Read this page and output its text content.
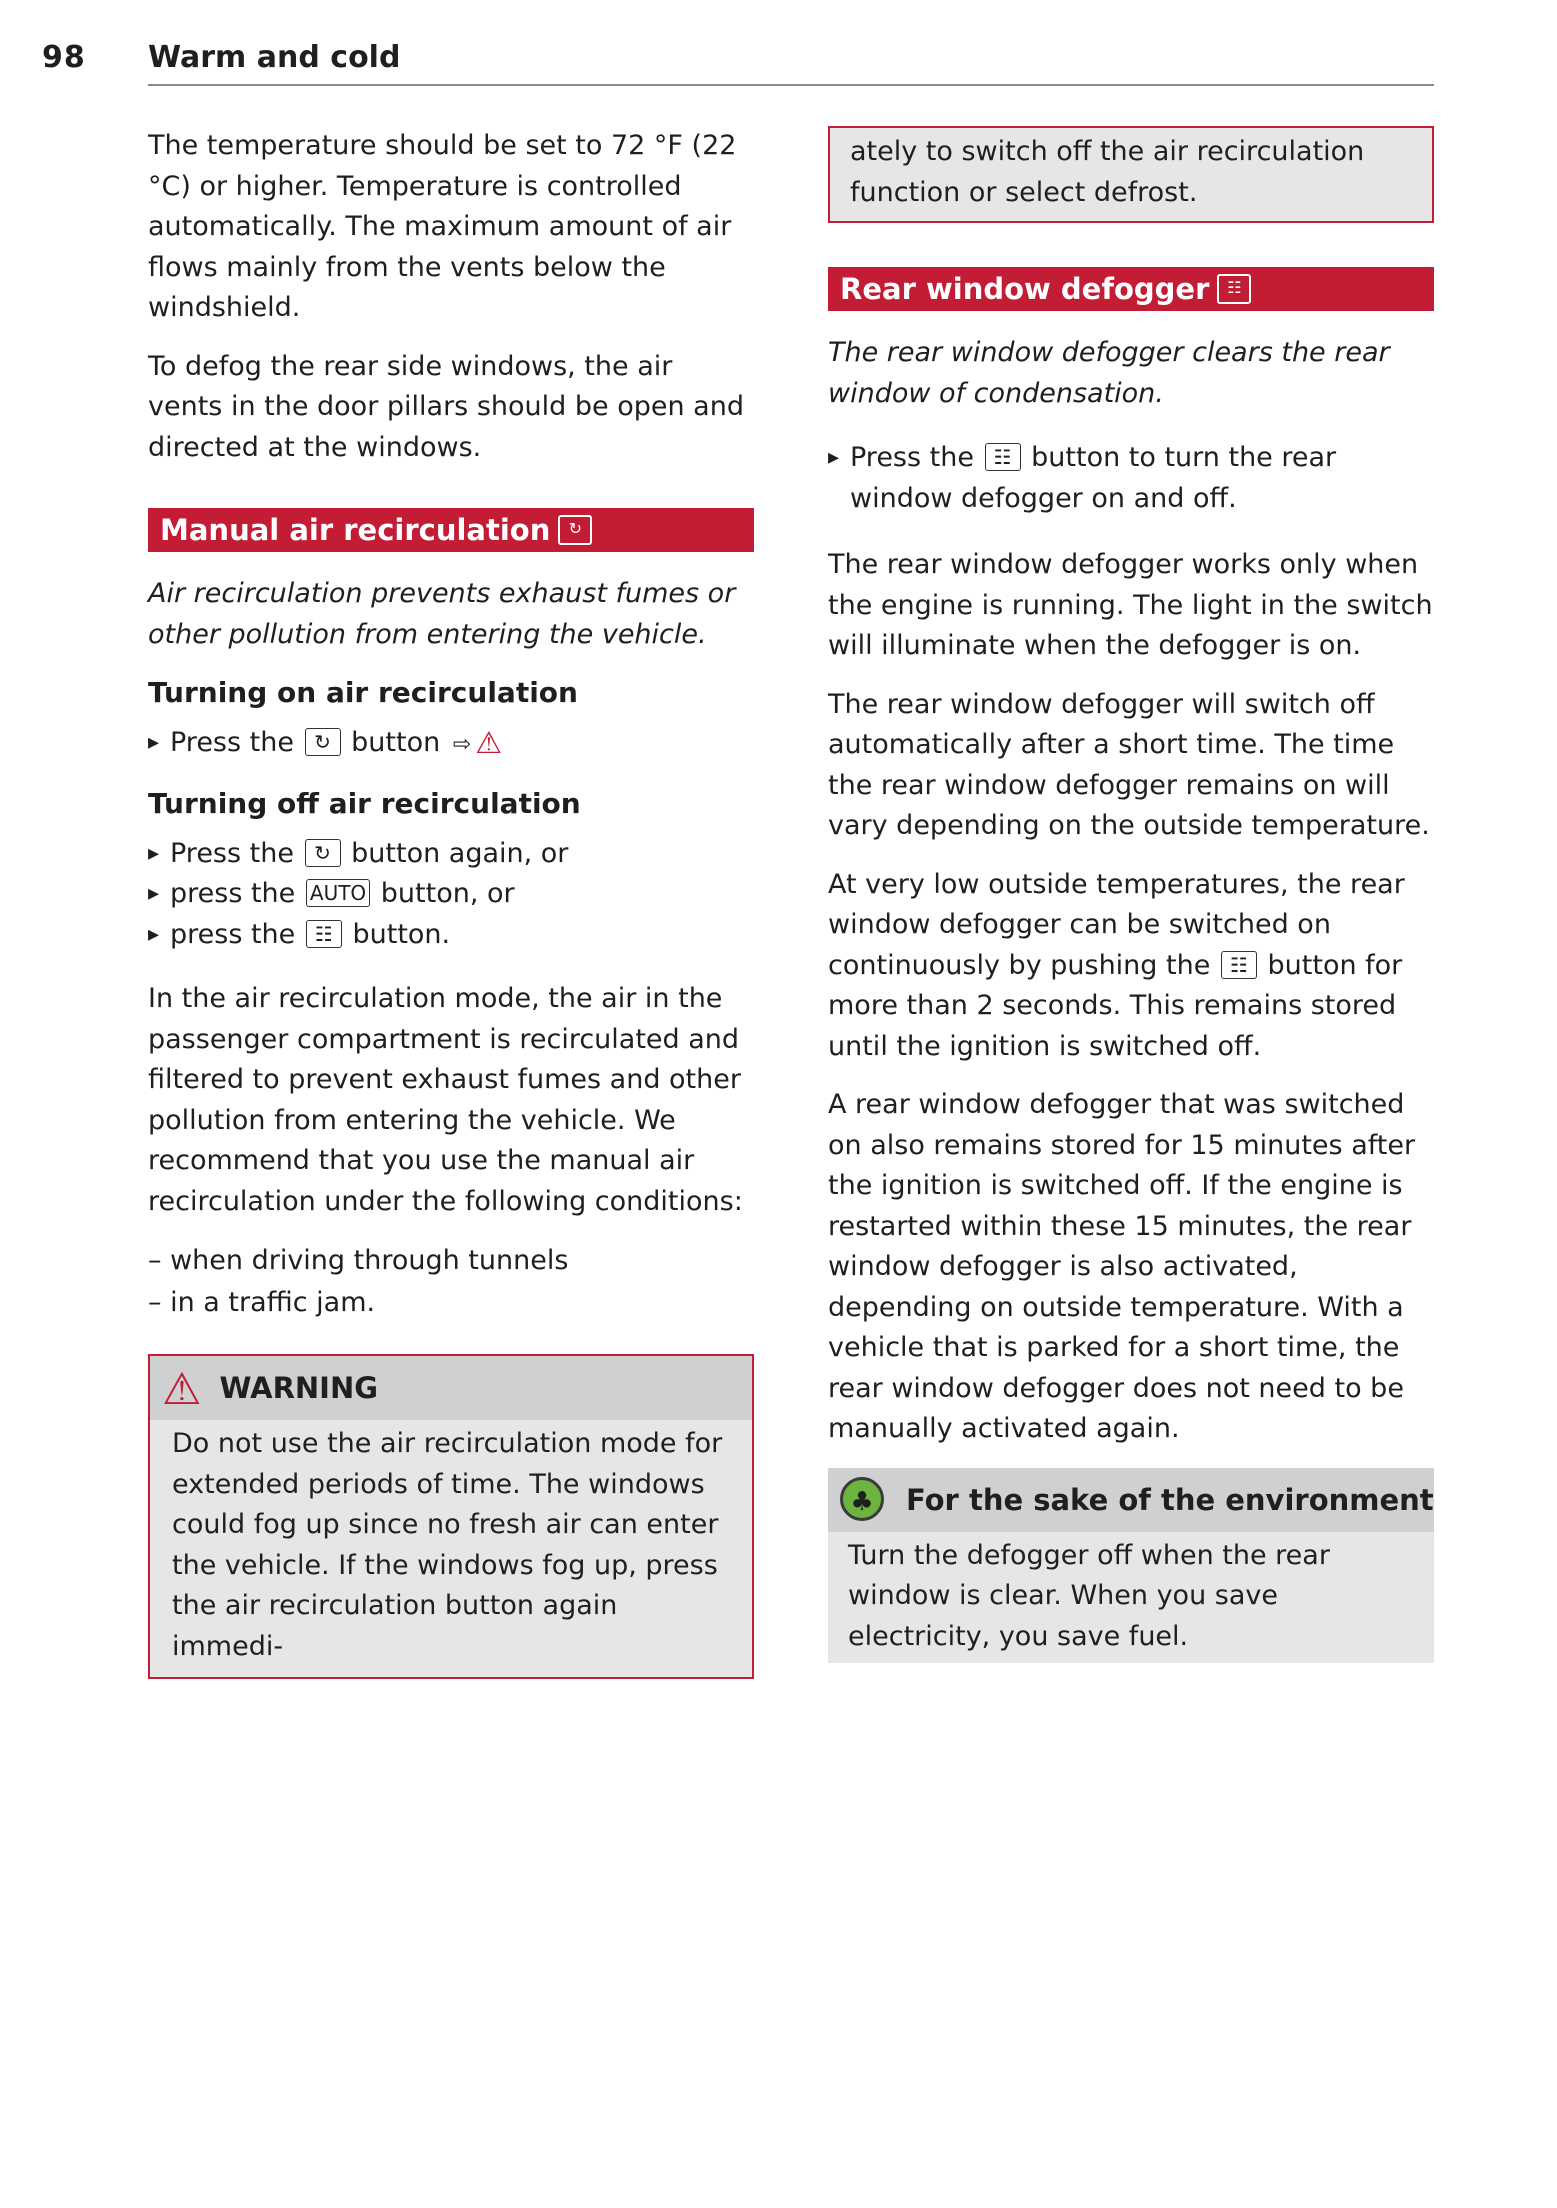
98 Warm and cold

The temperature should be set to 72 °F (22 °C) or higher. Temperature is controlled automatically. The maximum amount of air flows mainly from the vents below the windshield.

To defog the rear side windows, the air vents in the door pillars should be open and directed at the windows.

Manual air recirculation ↻

Air recirculation prevents exhaust fumes or other pollution from entering the vehicle.

Turning on air recirculation
▸ Press the ↻ button ⇨ ⚠
Turning off air recirculation
▸ Press the ↻ button again, or
▸ press the AUTO button, or
▸ press the ☷ button.

In the air recirculation mode, the air in the passenger compartment is recirculated and filtered to prevent exhaust fumes and other pollution from entering the vehicle. We recommend that you use the manual air recirculation under the following conditions:

– when driving through tunnels
– in a traffic jam.
⚠ WARNING

Do not use the air recirculation mode for extended periods of time. The windows could fog up since no fresh air can enter the vehicle. If the windows fog up, press the air recirculation button again immedi-

ately to switch off the air recirculation function or select defrost.

Rear window defogger ☷

The rear window defogger clears the rear window of condensation.

▸ Press the ☷ button to turn the rear window defogger on and off.

The rear window defogger works only when the engine is running. The light in the switch will illuminate when the defogger is on.

The rear window defogger will switch off automatically after a short time. The time the rear window defogger remains on will vary depending on the outside temperature.

At very low outside temperatures, the rear window defogger can be switched on continuously by pushing the ☷ button for more than 2 seconds. This remains stored until the ignition is switched off.

A rear window defogger that was switched on also remains stored for 15 minutes after the ignition is switched off. If the engine is restarted within these 15 minutes, the rear window defogger is also activated, depending on outside temperature. With a vehicle that is parked for a short time, the rear window defogger does not need to be manually activated again.

♣ For the sake of the environment

Turn the defogger off when the rear window is clear. When you save electricity, you save fuel.
